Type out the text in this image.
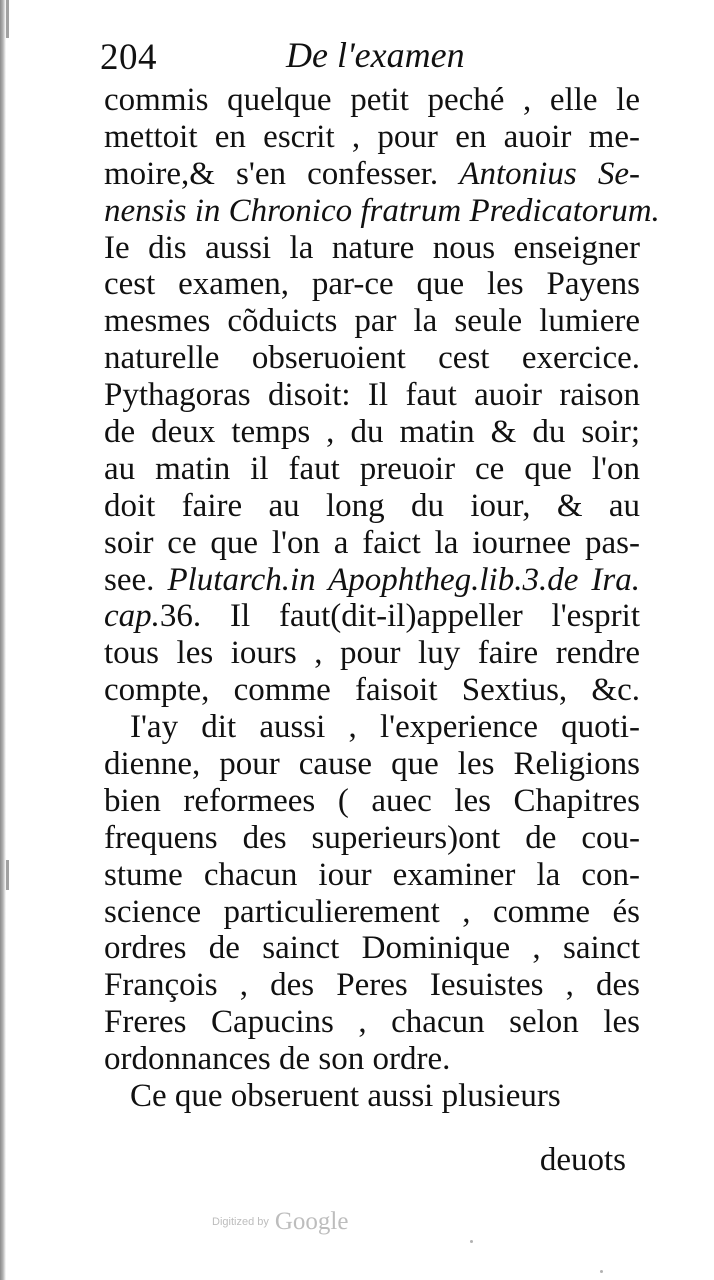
204	De l'examen
commis quelque petit peché , elle le
mettoit en escrit , pour en auoir me-
moire,& s'en confesser. Antonius Se-
nensis in Chronico fratrum Predicatorum.
Ie dis aussi la nature nous enseigner
cest examen, par-ce que les Payens
mesmes cõduicts par la seule lumiere
naturelle obseruoient cest exercice.
Pythagoras disoit: Il faut auoir raison
de deux temps , du matin & du soir;
au matin il faut preuoir ce que l'on
doit faire au long du iour, & au
soir ce que l'on a faict la iournee pas-
see. Plutarch.in Apophtheg.lib.3.de Ira.
cap.36. Il faut(dit-il)appeller l'esprit
tous les iours , pour luy faire rendre
compte, comme faisoit Sextius, &c.
I'ay dit aussi , l'experience quoti-
dienne, pour cause que les Religions
bien reformees ( auec les Chapitres
frequens des superieurs)ont de cou-
stume chacun iour examiner la con-
science particulierement , comme és
ordres de sainct Dominique , sainct
François , des Peres Iesuistes , des
Freres Capucins , chacun selon les
ordonnances de son ordre.
Ce que obseruent aussi plusieurs
deuots
Digitized by Google
